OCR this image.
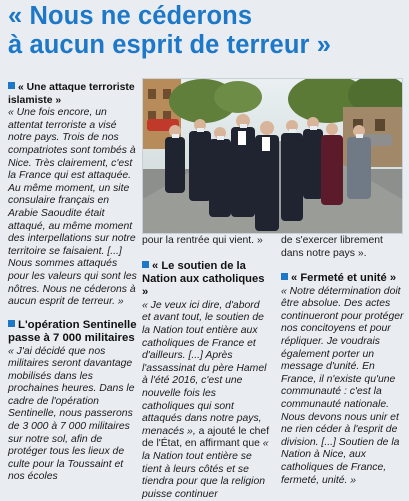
« Nous ne céderons
à aucun esprit de terreur »

« Une attaque terroriste islamiste »

« Une fois encore, un attentat terroriste a visé notre pays. Trois de nos compatriotes sont tombés à Nice. Très clairement, c'est la France qui est attaquée. Au même moment, un site consulaire français en Arabie Saoudite était attaqué, au même moment des interpellations sur notre territoire se faisaient. [...] Nous sommes attaqués pour les valeurs qui sont les nôtres. Nous ne céderons à aucun esprit de terreur. »

L'opération Sentinelle passe à 7 000 militaires

« J'ai décidé que nos militaires seront davantage mobilisés dans les prochaines heures. Dans le cadre de l'opération Sentinelle, nous passerons de 3 000 à 7 000 militaires sur notre sol, afin de protéger tous les lieux de culte pour la Toussaint et nos écoles

pour la rentrée qui vient. »

« Le soutien de la Nation aux catholiques »

« Je veux ici dire, d'abord et avant tout, le soutien de la Nation tout entière aux catholiques de France et d'ailleurs. [...] Après l'assassinat du père Hamel à l'été 2016, c'est une nouvelle fois les catholiques qui sont attaqués dans notre pays, menacés », a ajouté le chef de l'État, en affirmant que « la Nation tout entière se tient à leurs côtés et se tiendra pour que la religion puisse continuer

de s'exercer librement dans notre pays ».

« Fermeté et unité »

« Notre détermination doit être absolue. Des actes continueront pour protéger nos concitoyens et pour répliquer. Je voudrais également porter un message d'unité. En France, il n'existe qu'une communauté : c'est la communauté nationale. Nous devons nous unir et ne rien céder à l'esprit de division. [...] Soutien de la Nation à Nice, aux catholiques de France, fermeté, unité. »
